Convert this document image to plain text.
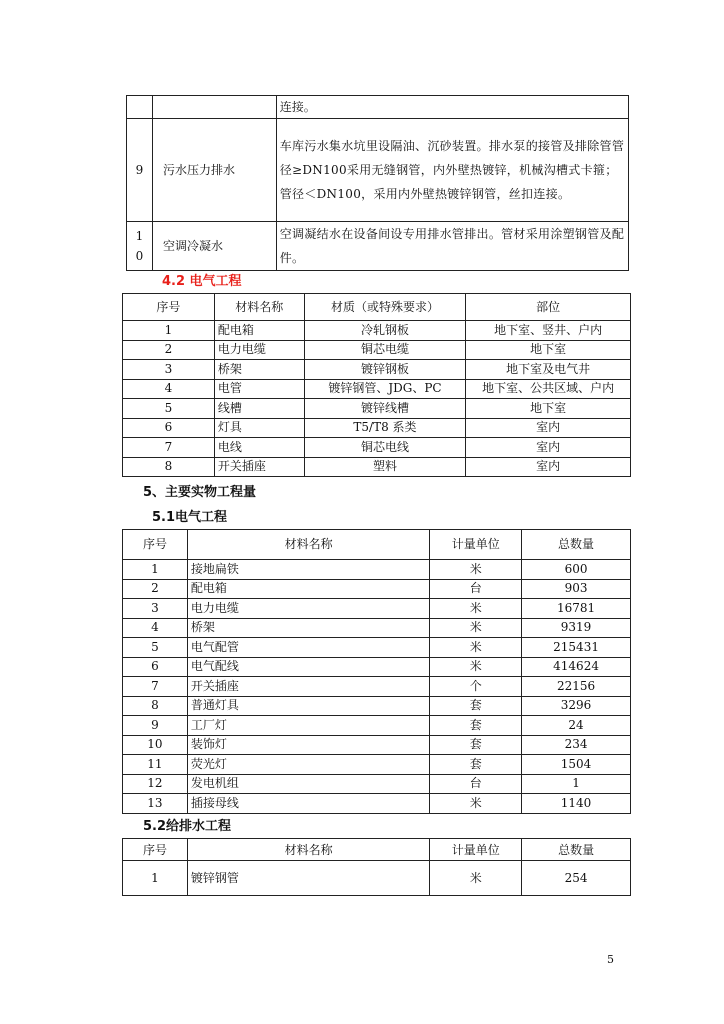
		连接。
9	污水压力排水	车库污水集水坑里设隔油、沉砂装置。排水泵的接管及排除管管径≥DN100采用无缝钢管，内外壁热镀锌，机械沟槽式卡箍；管径＜DN100，采用内外壁热镀锌钢管，丝扣连接。
10	空调冷凝水	空调凝结水在设备间设专用排水管排出。管材采用涂塑钢管及配件。
4.2 电气工程
序号	材料名称	材质（或特殊要求）	部位
1	配电箱	冷轧钢板	地下室、竖井、户内
2	电力电缆	铜芯电缆	地下室
3	桥架	镀锌钢板	地下室及电气井
4	电管	镀锌钢管、JDG、PC	地下室、公共区域、户内
5	线槽	镀锌线槽	地下室
6	灯具	T5/T8 系类	室内
7	电线	铜芯电线	室内
8	开关插座	塑料	室内
5、主要实物工程量
5.1电气工程
序号	材料名称	计量单位	总数量
1	接地扁铁	米	600
2	配电箱	台	903
3	电力电缆	米	16781
4	桥架	米	9319
5	电气配管	米	215431
6	电气配线	米	414624
7	开关插座	个	22156
8	普通灯具	套	3296
9	工厂灯	套	24
10	装饰灯	套	234
11	荧光灯	套	1504
12	发电机组	台	1
13	插接母线	米	1140
5.2给排水工程
序号	材料名称	计量单位	总数量
1	镀锌钢管	米	254
5
